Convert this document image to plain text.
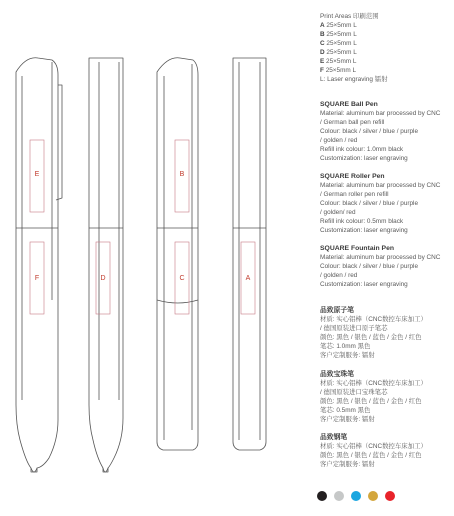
E
F	D
B
C	A
Print Areas 印刷范围
A 25×5mm L
B 25×5mm L
C 25×5mm L
D 25×5mm L
E 25×5mm L
F 25×5mm L
L: Laser engraving 镭射
SQUARE Ball Pen
Material: aluminum bar processed by CNC
/ German ball pen refill
Colour: black / silver / blue / purple
/ golden / red
Refill ink colour: 1.0mm black
Customization: laser engraving
SQUARE Roller Pen
Material: aluminum bar processed by CNC
/ German roller pen refill
Colour: black / silver / blue / purple
/ golden/ red
Refill ink colour: 0.5mm black
Customization: laser engraving
SQUARE Fountain Pen
Material: aluminum bar processed by CNC
Colour: black / silver / blue / purple
/ golden / red
Customization: laser engraving
品致原子笔
材质: 实心铝棒（CNC数控车床加工）
/ 德国原装进口原子笔芯
颜色: 黑色 / 银色 / 蓝色 / 金色 / 红色
笔芯: 1.0mm 黑色
客户定制服务: 镭射
品致宝珠笔
材质: 实心铝棒（CNC数控车床加工）
/ 德国原装进口宝珠笔芯
颜色: 黑色 / 银色 / 蓝色 / 金色 / 红色
笔芯: 0.5mm 黑色
客户定制服务: 镭射
品致钢笔
材质: 实心铝棒（CNC数控车床加工）
颜色: 黑色 / 银色 / 蓝色 / 金色 / 红色
客户定制服务: 镭射
